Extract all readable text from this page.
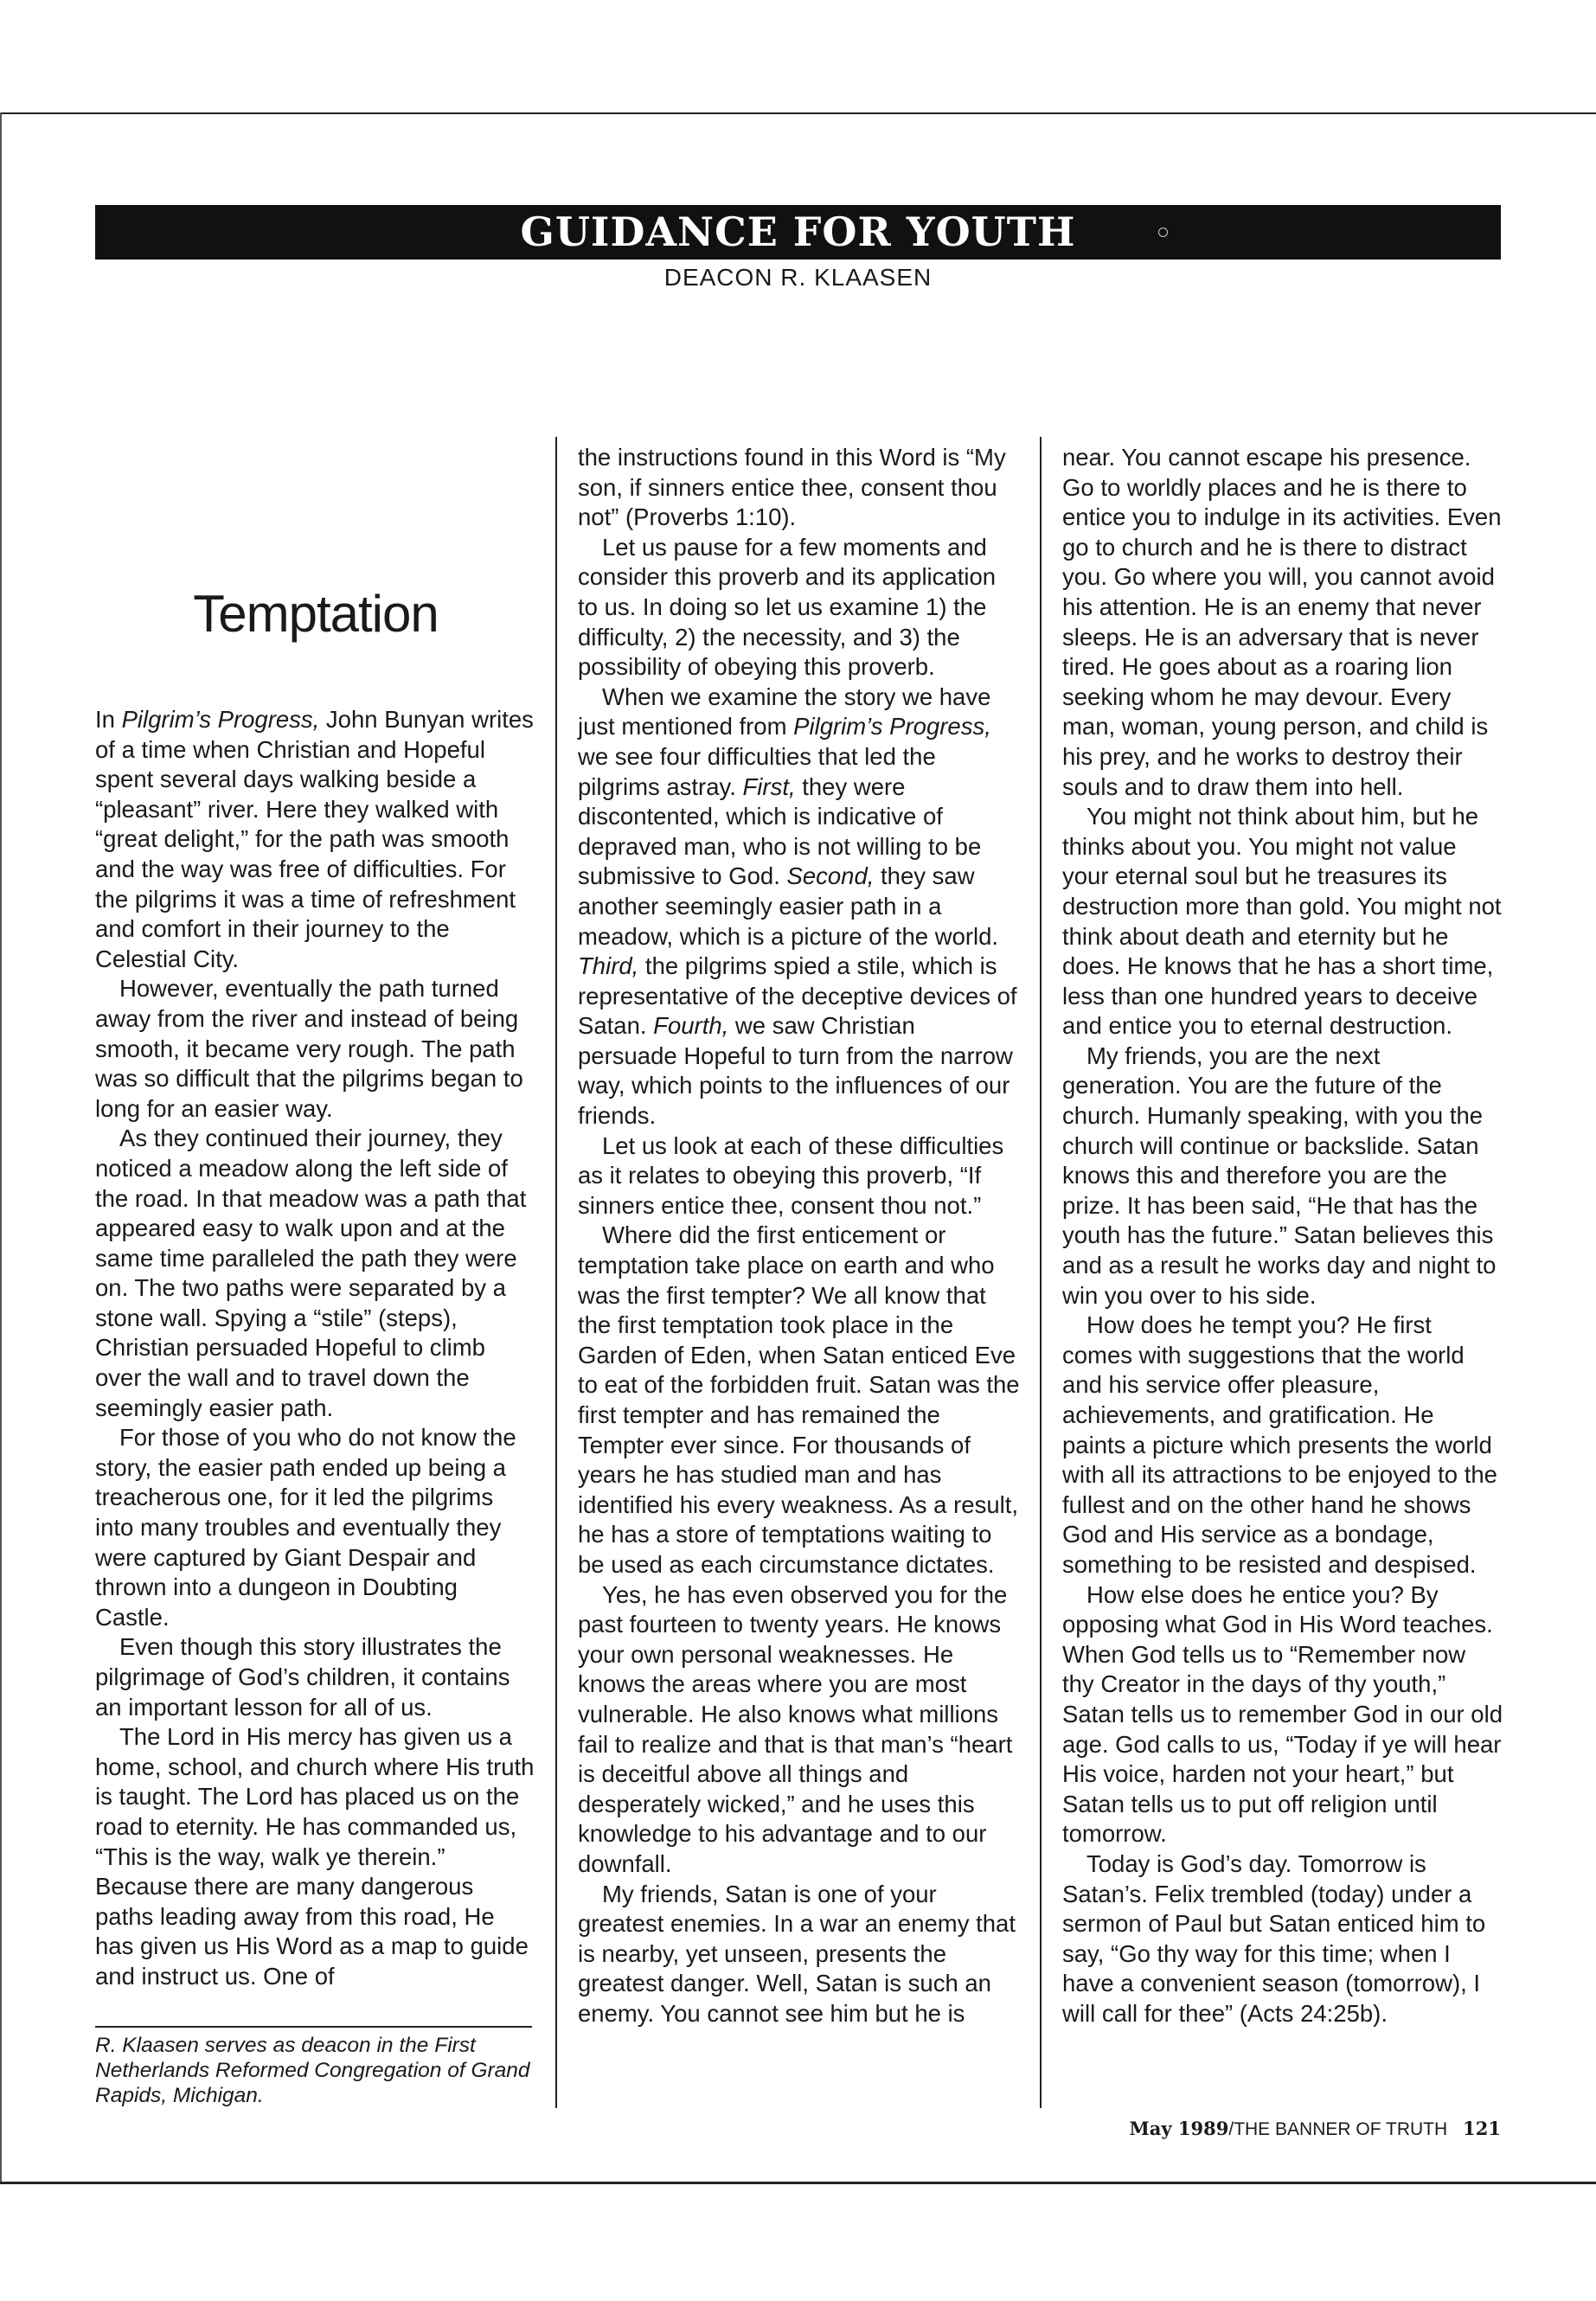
GUIDANCE FOR YOUTH
DEACON R. KLAASEN
Temptation

In Pilgrim’s Progress, John Bunyan writes of a time when Christian and Hopeful spent several days walking beside a “pleasant” river. Here they walked with “great delight,” for the path was smooth and the way was free of difficulties. For the pilgrims it was a time of refreshment and comfort in their journey to the Celestial City.

However, eventually the path turned away from the river and instead of being smooth, it became very rough. The path was so difficult that the pilgrims began to long for an easier way.

As they continued their journey, they noticed a meadow along the left side of the road. In that meadow was a path that appeared easy to walk upon and at the same time paralleled the path they were on. The two paths were separated by a stone wall. Spying a “stile” (steps), Christian persuaded Hopeful to climb over the wall and to travel down the seemingly easier path.

For those of you who do not know the story, the easier path ended up being a treacherous one, for it led the pilgrims into many troubles and eventually they were captured by Giant Despair and thrown into a dungeon in Doubting Castle.

Even though this story illustrates the pilgrimage of God’s children, it contains an important lesson for all of us.

The Lord in His mercy has given us a home, school, and church where His truth is taught. The Lord has placed us on the road to eternity. He has commanded us, “This is the way, walk ye therein.” Because there are many dangerous paths leading away from this road, He has given us His Word as a map to guide and instruct us. One of

the instructions found in this Word is “My son, if sinners entice thee, consent thou not” (Proverbs 1:10).

Let us pause for a few moments and consider this proverb and its application to us. In doing so let us examine 1) the difficulty, 2) the necessity, and 3) the possibility of obeying this proverb.

When we examine the story we have just mentioned from Pilgrim’s Progress, we see four difficulties that led the pilgrims astray. First, they were discontented, which is indicative of depraved man, who is not willing to be submissive to God. Second, they saw another seemingly easier path in a meadow, which is a picture of the world. Third, the pilgrims spied a stile, which is representative of the deceptive devices of Satan. Fourth, we saw Christian persuade Hopeful to turn from the narrow way, which points to the influences of our friends.

Let us look at each of these difficulties as it relates to obeying this proverb, “If sinners entice thee, consent thou not.”

Where did the first enticement or temptation take place on earth and who was the first tempter? We all know that the first temptation took place in the Garden of Eden, when Satan enticed Eve to eat of the forbidden fruit. Satan was the first tempter and has remained the Tempter ever since. For thousands of years he has studied man and has identified his every weakness. As a result, he has a store of temptations waiting to be used as each circumstance dictates.

Yes, he has even observed you for the past fourteen to twenty years. He knows your own personal weaknesses. He knows the areas where you are most vulnerable. He also knows what millions fail to realize and that is that man’s “heart is deceitful above all things and desperately wicked,” and he uses this knowledge to his advantage and to our downfall.

My friends, Satan is one of your greatest enemies. In a war an enemy that is nearby, yet unseen, presents the greatest danger. Well, Satan is such an enemy. You cannot see him but he is

near. You cannot escape his presence. Go to worldly places and he is there to entice you to indulge in its activities. Even go to church and he is there to distract you. Go where you will, you cannot avoid his attention. He is an enemy that never sleeps. He is an adversary that is never tired. He goes about as a roaring lion seeking whom he may devour. Every man, woman, young person, and child is his prey, and he works to destroy their souls and to draw them into hell.

You might not think about him, but he thinks about you. You might not value your eternal soul but he treasures its destruction more than gold. You might not think about death and eternity but he does. He knows that he has a short time, less than one hundred years to deceive and entice you to eternal destruction.

My friends, you are the next generation. You are the future of the church. Humanly speaking, with you the church will continue or backslide. Satan knows this and therefore you are the prize. It has been said, “He that has the youth has the future.” Satan believes this and as a result he works day and night to win you over to his side.

How does he tempt you? He first comes with suggestions that the world and his service offer pleasure, achievements, and gratification. He paints a picture which presents the world with all its attractions to be enjoyed to the fullest and on the other hand he shows God and His service as a bondage, something to be resisted and despised.

How else does he entice you? By opposing what God in His Word teaches. When God tells us to “Remember now thy Creator in the days of thy youth,” Satan tells us to remember God in our old age. God calls to us, “Today if ye will hear His voice, harden not your heart,” but Satan tells us to put off religion until tomorrow.

Today is God’s day. Tomorrow is Satan’s. Felix trembled (today) under a sermon of Paul but Satan enticed him to say, “Go thy way for this time; when I have a convenient season (tomorrow), I will call for thee” (Acts 24:25b).

R. Klaasen serves as deacon in the First Netherlands Reformed Congregation of Grand Rapids, Michigan.
May 1989/THE BANNER OF TRUTH 121
